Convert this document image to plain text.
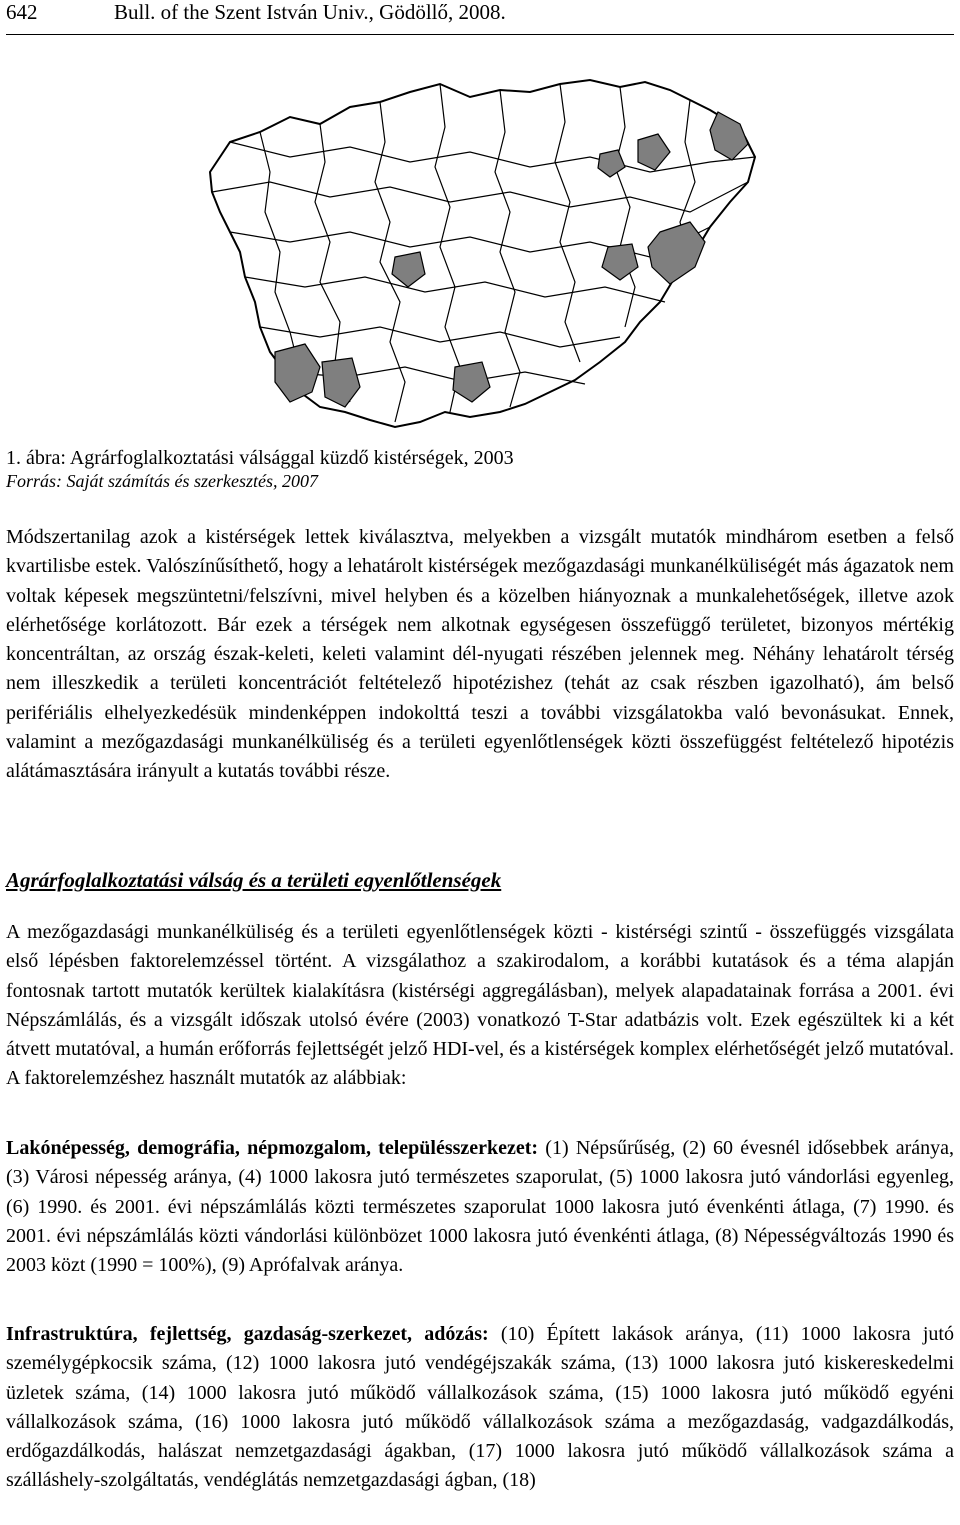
642	Bull. of the Szent István Univ., Gödöllő, 2008.
1. ábra: Agrárfoglalkoztatási válsággal küzdő kistérségek, 2003
Forrás: Saját számítás és szerkesztés, 2007

Módszertanilag azok a kistérségek lettek kiválasztva, melyekben a vizsgált mutatók mindhárom esetben a felső kvartilisbe estek. Valószínűsíthető, hogy a lehatárolt kistérségek mezőgazdasági munkanélküliségét más ágazatok nem voltak képesek megszüntetni/felszívni, mivel helyben és a közelben hiányoznak a munkalehetőségek, illetve azok elérhetősége korlátozott. Bár ezek a térségek nem alkotnak egységesen összefüggő területet, bizonyos mértékig koncentráltan, az ország észak-keleti, keleti valamint dél-nyugati részében jelennek meg. Néhány lehatárolt térség nem illeszkedik a területi koncentrációt feltételező hipotézishez (tehát az csak részben igazolható), ám belső perifériális elhelyezkedésük mindenképpen indokolttá teszi a további vizsgálatokba való bevonásukat. Ennek, valamint a mezőgazdasági munkanélküliség és a területi egyenlőtlenségek közti összefüggést feltételező hipotézis alátámasztására irányult a kutatás további része.

Agrárfoglalkoztatási válság és a területi egyenlőtlenségek

A mezőgazdasági munkanélküliség és a területi egyenlőtlenségek közti - kistérségi szintű - összefüggés vizsgálata első lépésben faktorelemzéssel történt. A vizsgálathoz a szakirodalom, a korábbi kutatások és a téma alapján fontosnak tartott mutatók kerültek kialakításra (kistérségi aggregálásban), melyek alapadatainak forrása a 2001. évi Népszámlálás, és a vizsgált időszak utolsó évére (2003) vonatkozó T-Star adatbázis volt. Ezek egészültek ki a két átvett mutatóval, a humán erőforrás fejlettségét jelző HDI-vel, és a kistérségek komplex elérhetőségét jelző mutatóval. A faktorelemzéshez használt mutatók az alábbiak:

Lakónépesség, demográfia, népmozgalom, településszerkezet: (1) Népsűrűség, (2) 60 évesnél idősebbek aránya, (3) Városi népesség aránya, (4) 1000 lakosra jutó természetes szaporulat, (5) 1000 lakosra jutó vándorlási egyenleg, (6) 1990. és 2001. évi népszámlálás közti természetes szaporulat 1000 lakosra jutó évenkénti átlaga, (7) 1990. és 2001. évi népszámlálás közti vándorlási különbözet 1000 lakosra jutó évenkénti átlaga, (8) Népességváltozás 1990 és 2003 közt (1990 = 100%), (9) Aprófalvak aránya.

Infrastruktúra, fejlettség, gazdaság-szerkezet, adózás: (10) Épített lakások aránya, (11) 1000 lakosra jutó személygépkocsik száma, (12) 1000 lakosra jutó vendégéjszakák száma, (13) 1000 lakosra jutó kiskereskedelmi üzletek száma, (14) 1000 lakosra jutó működő vállalkozások száma, (15) 1000 lakosra jutó működő egyéni vállalkozások száma, (16) 1000 lakosra jutó működő vállalkozások száma a mezőgazdaság, vadgazdálkodás, erdőgazdálkodás, halászat nemzetgazdasági ágakban, (17) 1000 lakosra jutó működő vállalkozások száma a szálláshely-szolgáltatás, vendéglátás nemzetgazdasági ágban, (18)
